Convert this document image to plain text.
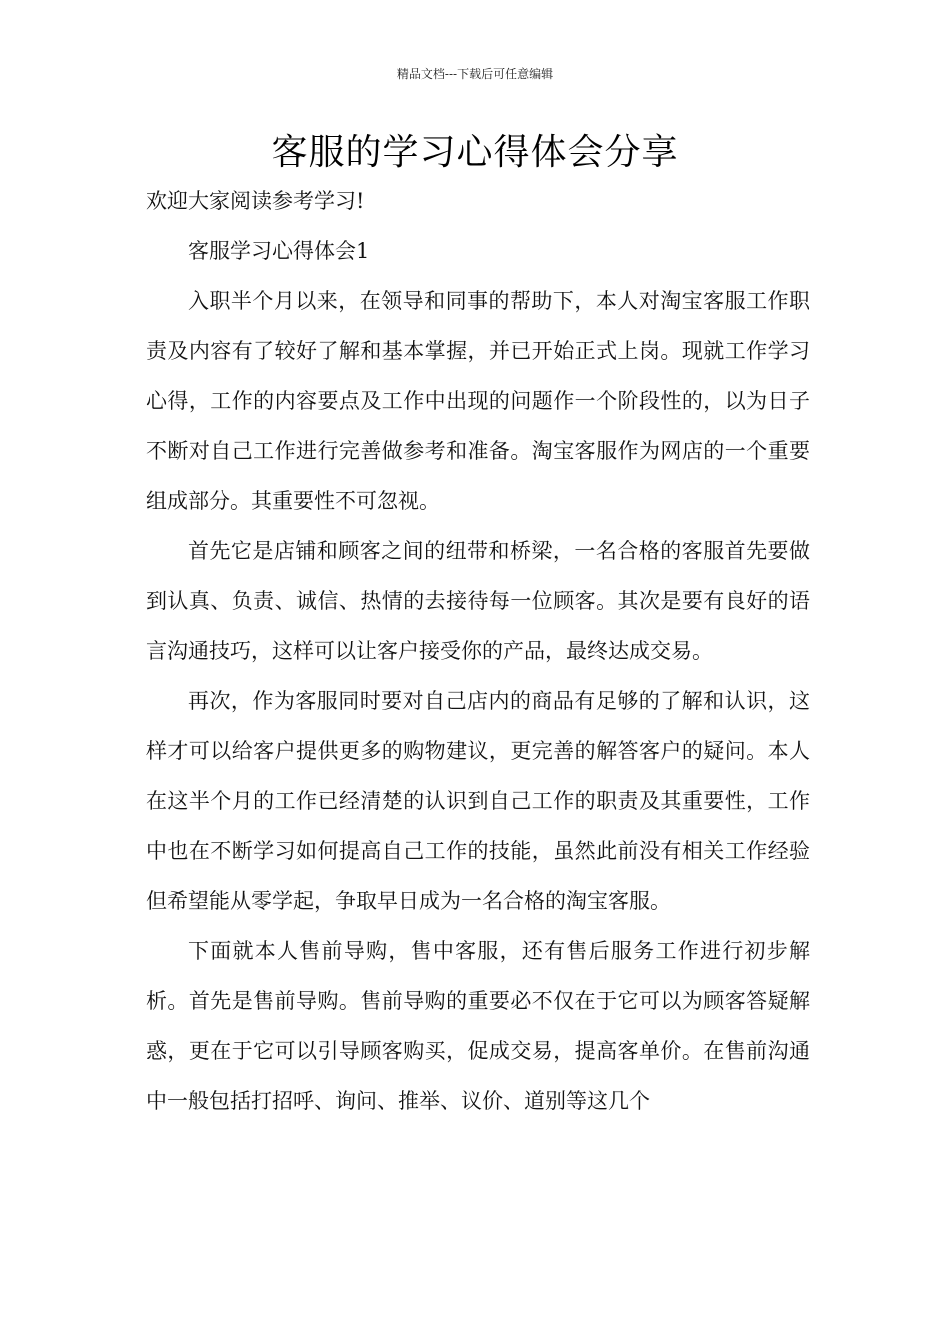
精品文档---下载后可任意编辑
客服的学习心得体会分享

欢迎大家阅读参考学习!

客服学习心得体会1

入职半个月以来，在领导和同事的帮助下，本人对淘宝客服工作职责及内容有了较好了解和基本掌握，并已开始正式上岗。现就工作学习心得，工作的内容要点及工作中出现的问题作一个阶段性的，以为日子不断对自己工作进行完善做参考和准备。淘宝客服作为网店的一个重要组成部分。其重要性不可忽视。

首先它是店铺和顾客之间的纽带和桥梁，一名合格的客服首先要做到认真、负责、诚信、热情的去接待每一位顾客。其次是要有良好的语言沟通技巧，这样可以让客户接受你的产品，最终达成交易。

再次，作为客服同时要对自己店内的商品有足够的了解和认识，这样才可以给客户提供更多的购物建议，更完善的解答客户的疑问。本人在这半个月的工作已经清楚的认识到自己工作的职责及其重要性，工作中也在不断学习如何提高自己工作的技能，虽然此前没有相关工作经验但希望能从零学起，争取早日成为一名合格的淘宝客服。

下面就本人售前导购，售中客服，还有售后服务工作进行初步解析。首先是售前导购。售前导购的重要必不仅在于它可以为顾客答疑解惑，更在于它可以引导顾客购买，促成交易，提高客单价。在售前沟通中一般包括打招呼、询问、推举、议价、道别等这几个
